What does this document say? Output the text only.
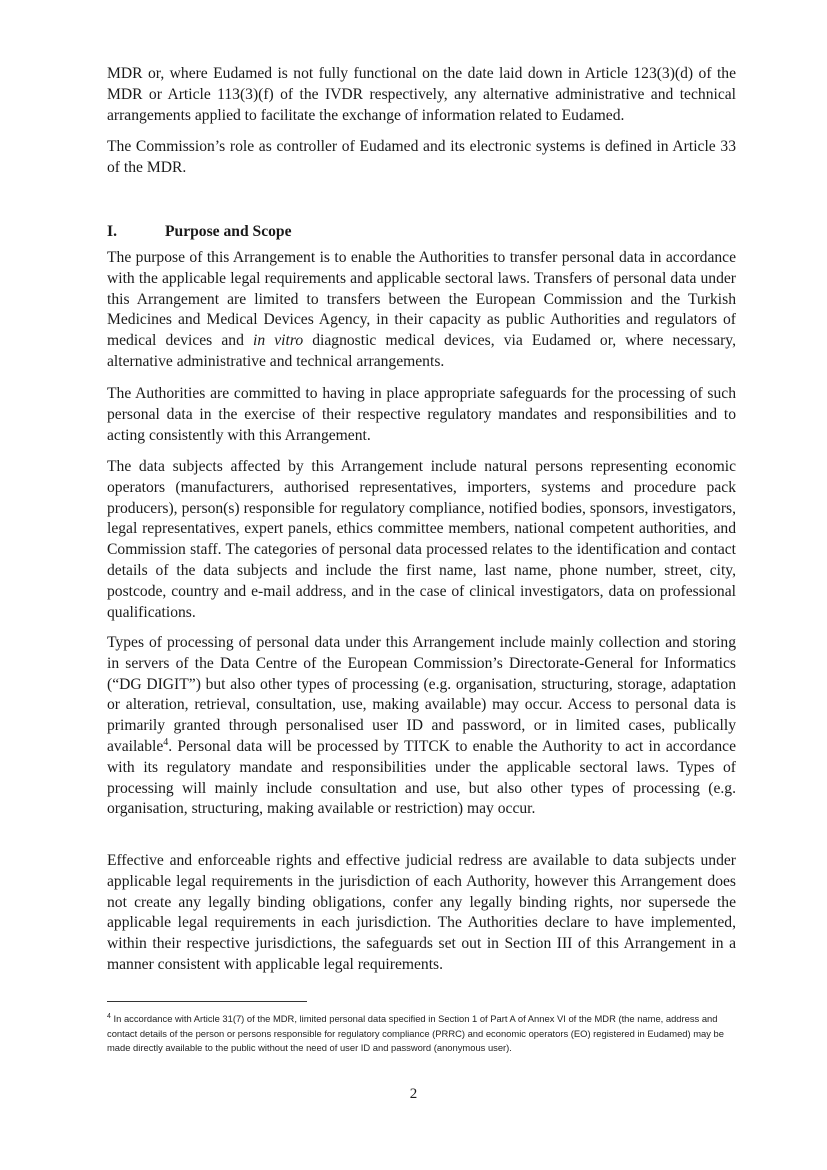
MDR or, where Eudamed is not fully functional on the date laid down in Article 123(3)(d) of the MDR or Article 113(3)(f) of the IVDR respectively, any alternative administrative and technical arrangements applied to facilitate the exchange of information related to Eudamed.

The Commission’s role as controller of Eudamed and its electronic systems is defined in Article 33 of the MDR.

I.	Purpose and Scope

The purpose of this Arrangement is to enable the Authorities to transfer personal data in accordance with the applicable legal requirements and applicable sectoral laws. Transfers of personal data under this Arrangement are limited to transfers between the European Commission and the Turkish Medicines and Medical Devices Agency, in their capacity as public Authorities and regulators of medical devices and in vitro diagnostic medical devices, via Eudamed or, where necessary, alternative administrative and technical arrangements.

The Authorities are committed to having in place appropriate safeguards for the processing of such personal data in the exercise of their respective regulatory mandates and responsibilities and to acting consistently with this Arrangement.

The data subjects affected by this Arrangement include natural persons representing economic operators (manufacturers, authorised representatives, importers, systems and procedure pack producers), person(s) responsible for regulatory compliance, notified bodies, sponsors, investigators, legal representatives, expert panels, ethics committee members, national competent authorities, and Commission staff. The categories of personal data processed relates to the identification and contact details of the data subjects and include the first name, last name, phone number, street, city, postcode, country and e-mail address, and in the case of clinical investigators, data on professional qualifications.

Types of processing of personal data under this Arrangement include mainly collection and storing in servers of the Data Centre of the European Commission’s Directorate-General for Informatics (“DG DIGIT”) but also other types of processing (e.g. organisation, structuring, storage, adaptation or alteration, retrieval, consultation, use, making available) may occur. Access to personal data is primarily granted through personalised user ID and password, or in limited cases, publically available$^4$. Personal data will be processed by TITCK to enable the Authority to act in accordance with its regulatory mandate and responsibilities under the applicable sectoral laws. Types of processing will mainly include consultation and use, but also other types of processing (e.g. organisation, structuring, making available or restriction) may occur.

Effective and enforceable rights and effective judicial redress are available to data subjects under applicable legal requirements in the jurisdiction of each Authority, however this Arrangement does not create any legally binding obligations, confer any legally binding rights, nor supersede the applicable legal requirements in each jurisdiction. The Authorities declare to have implemented, within their respective jurisdictions, the safeguards set out in Section III of this Arrangement in a manner consistent with applicable legal requirements.

$^4$ In accordance with Article 31(7) of the MDR, limited personal data specified in Section 1 of Part A of Annex VI of the MDR (the name, address and contact details of the person or persons responsible for regulatory compliance (PRRC) and economic operators (EO) registered in Eudamed) may be made directly available to the public without the need of user ID and password (anonymous user).

2
